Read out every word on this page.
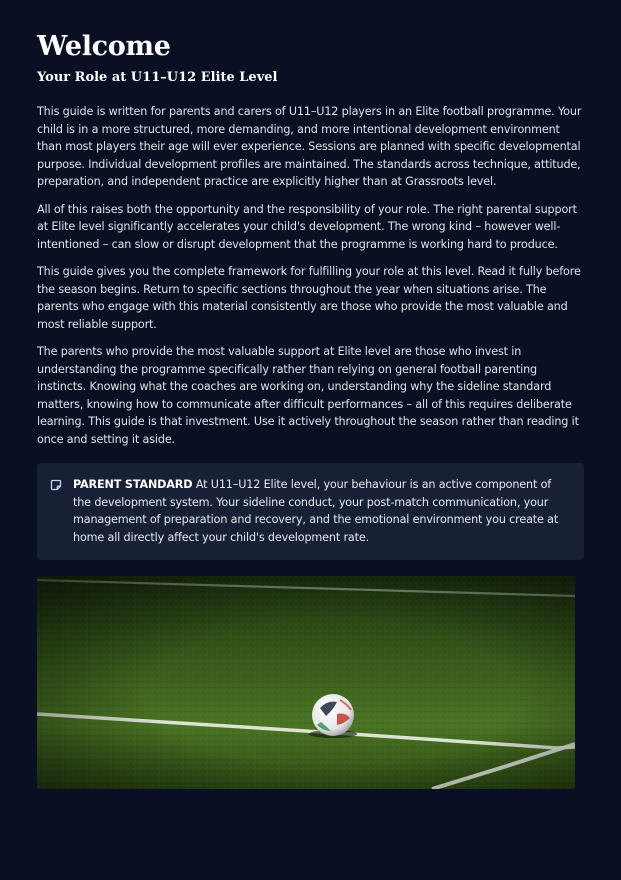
Welcome
Your Role at U11–U12 Elite Level

This guide is written for parents and carers of U11–U12 players in an Elite football programme. Your child is in a more structured, more demanding, and more intentional development environment than most players their age will ever experience. Sessions are planned with specific developmental purpose. Individual development profiles are maintained. The standards across technique, attitude, preparation, and independent practice are explicitly higher than at Grassroots level.

All of this raises both the opportunity and the responsibility of your role. The right parental support at Elite level significantly accelerates your child's development. The wrong kind – however well-intentioned – can slow or disrupt development that the programme is working hard to produce.

This guide gives you the complete framework for fulfilling your role at this level. Read it fully before the season begins. Return to specific sections throughout the year when situations arise. The parents who engage with this material consistently are those who provide the most valuable and most reliable support.

The parents who provide the most valuable support at Elite level are those who invest in understanding the programme specifically rather than relying on general football parenting instincts. Knowing what the coaches are working on, understanding why the sideline standard matters, knowing how to communicate after difficult performances – all of this requires deliberate learning. This guide is that investment. Use it actively throughout the season rather than reading it once and setting it aside.

PARENT STANDARD At U11–U12 Elite level, your behaviour is an active component of the development system. Your sideline conduct, your post-match communication, your management of preparation and recovery, and the emotional environment you create at home all directly affect your child's development rate.
